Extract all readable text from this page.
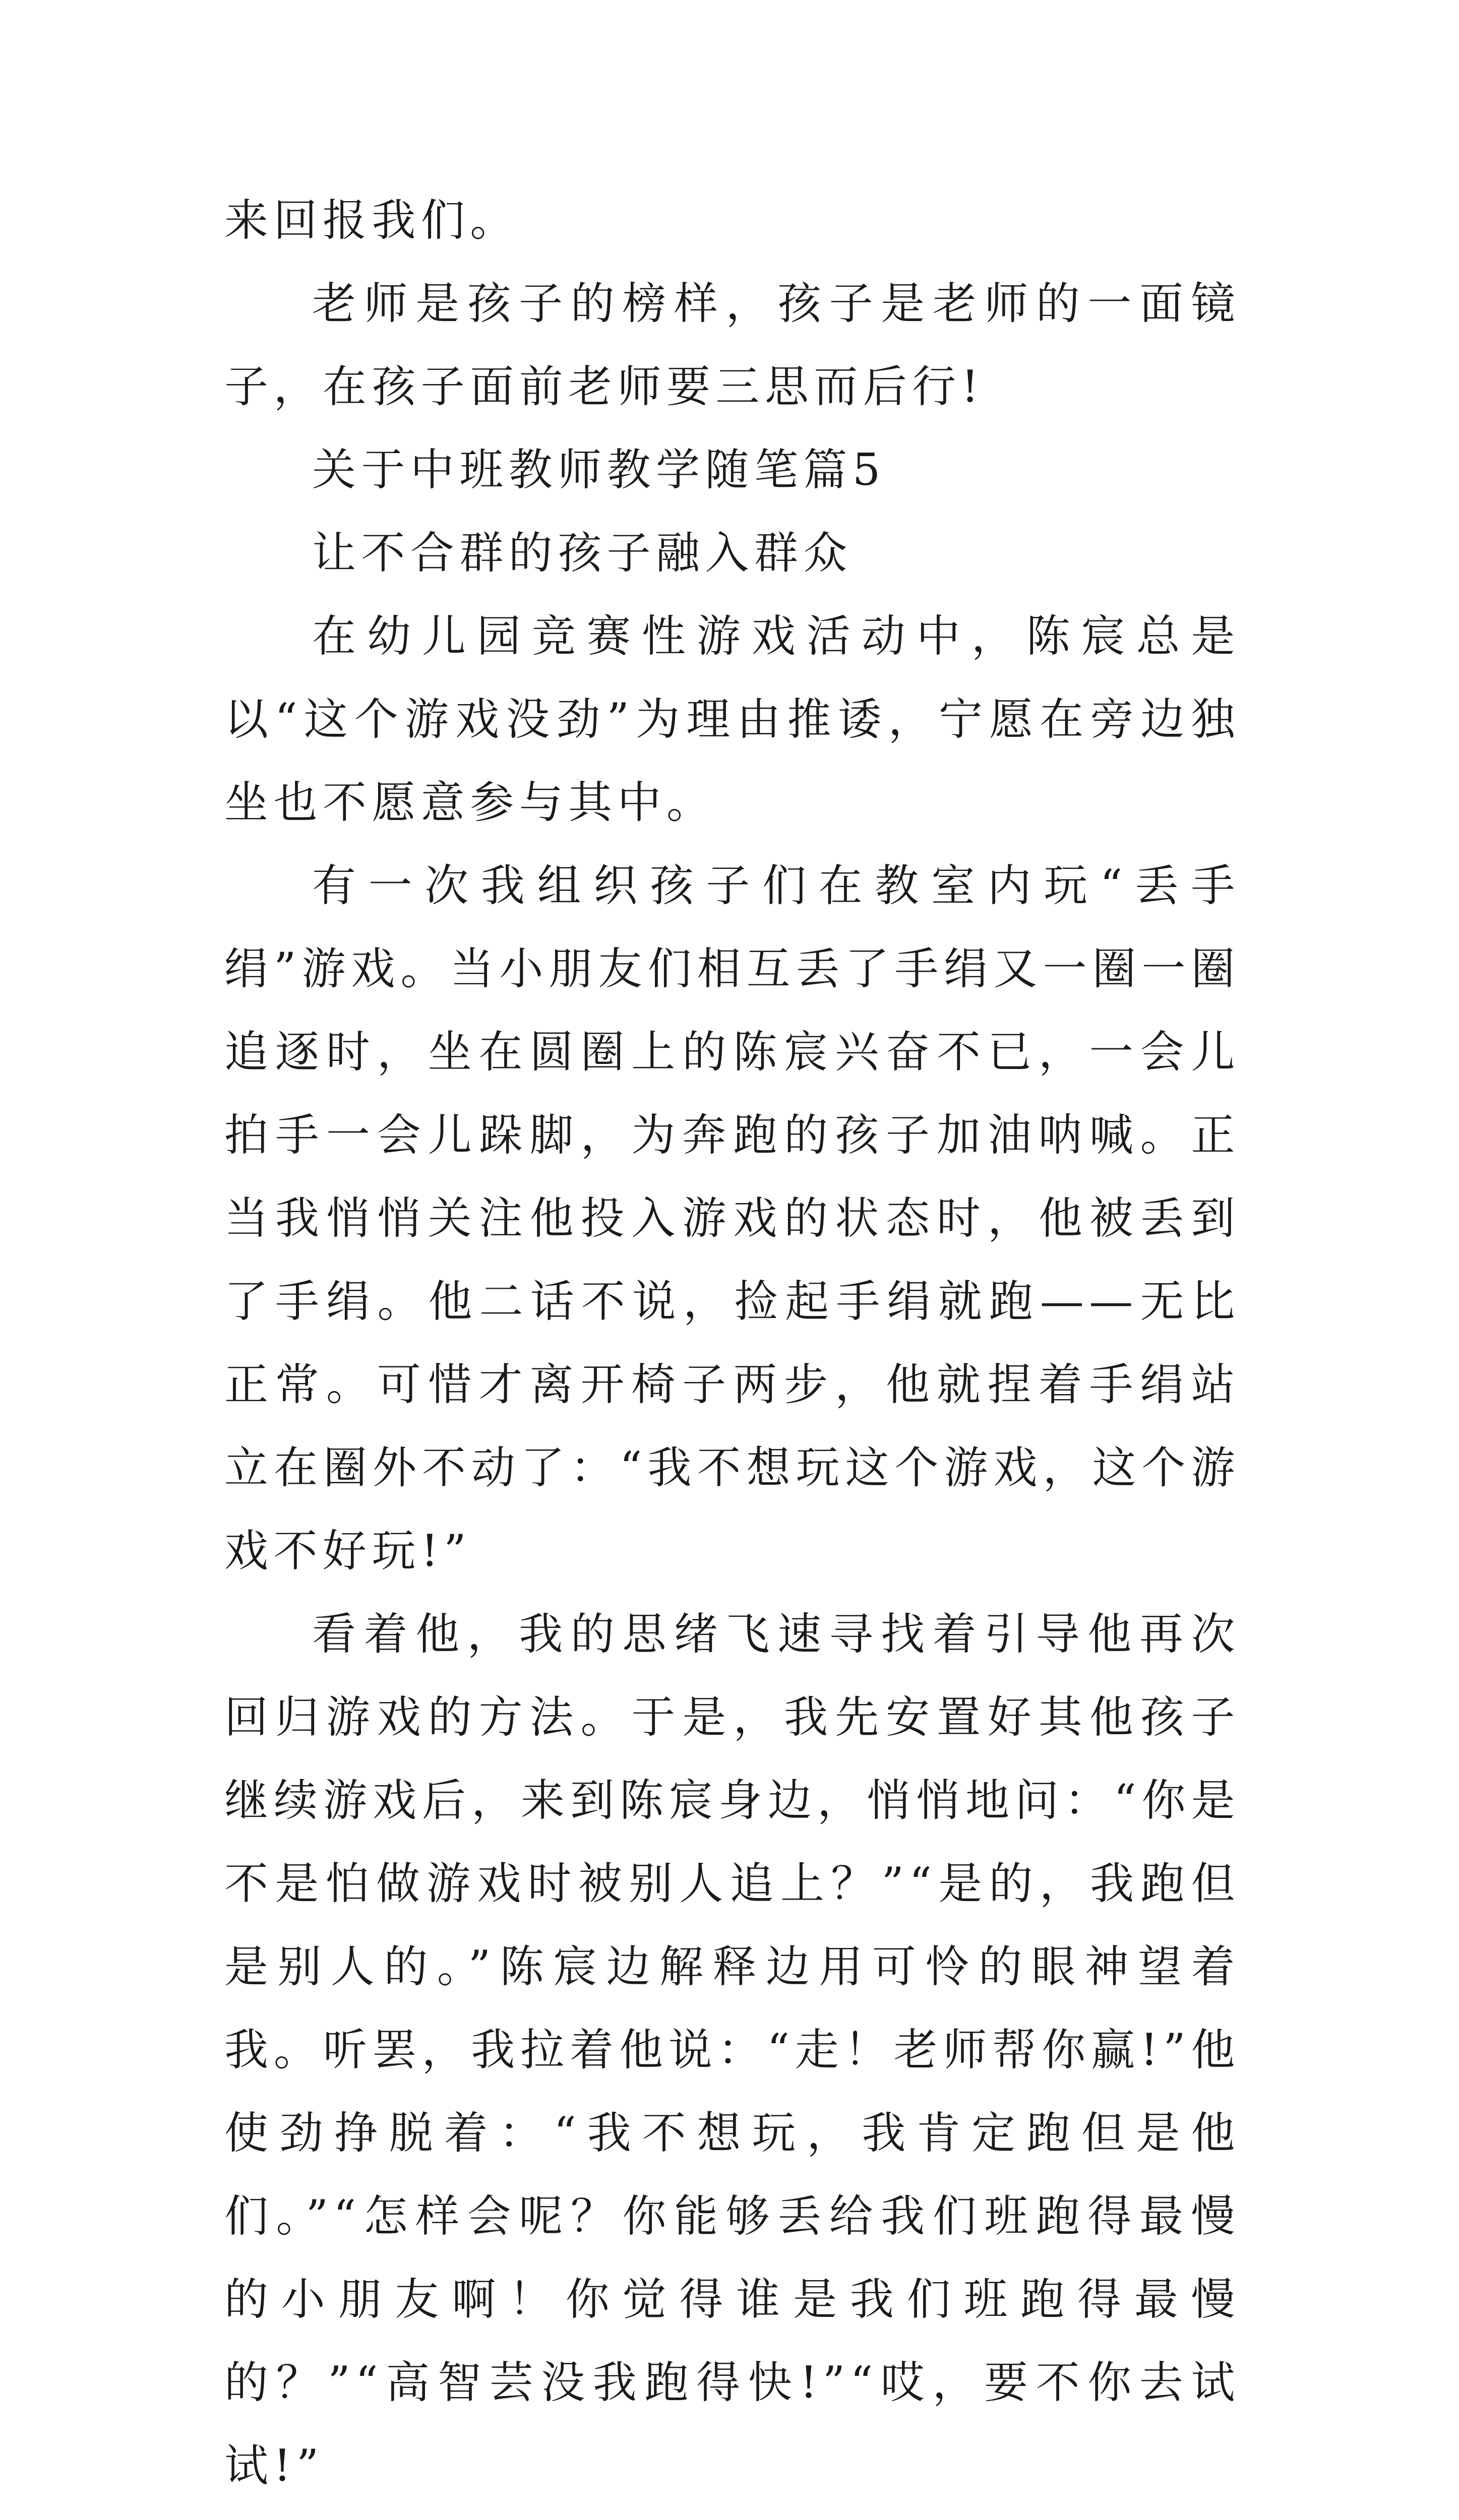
来回报我们。

老师是孩子的榜样，孩子是老师的一面镜子，在孩子面前老师要三思而后行!

关于中班教师教学随笔篇5

让不合群的孩子融入群众

在幼儿园竞赛性游戏活动中，陈宸总是以“这个游戏没劲”为理由推诿，宁愿在旁边独坐也不愿意参与其中。

有一次我组织孩子们在教室内玩“丢手绢”游戏。当小朋友们相互丢了手绢又一圈一圈追逐时，坐在圆圈上的陈宸兴奋不已，一会儿拍手一会儿跺脚，为奔跑的孩子加油呐喊。正当我悄悄关注他投入游戏的状态时，他被丢到了手绢。他二话不说，捡起手绢就跑——无比正常。可惜才离开椅子两步，他就捏着手绢站立在圈外不动了：“我不想玩这个游戏，这个游戏不好玩!”

看着他，我的思绪飞速寻找着引导他再次回归游戏的方法。于是，我先安置好其他孩子继续游戏后，来到陈宸身边，悄悄地问：“你是不是怕做游戏时被别人追上？”“是的，我跑但是别人的。”陈宸边解释边用可怜的眼神望着我。听罢，我拉着他说：“走！老师帮你赢!”他使劲挣脱着：“我不想玩，我肯定跑但是他们。”“怎样会呢？你能够丢给我们班跑得最慢的小朋友啊！你觉得谁是我们班跑得最慢的？”“高智芸没我跑得快!”“哎，要不你去试试!”
